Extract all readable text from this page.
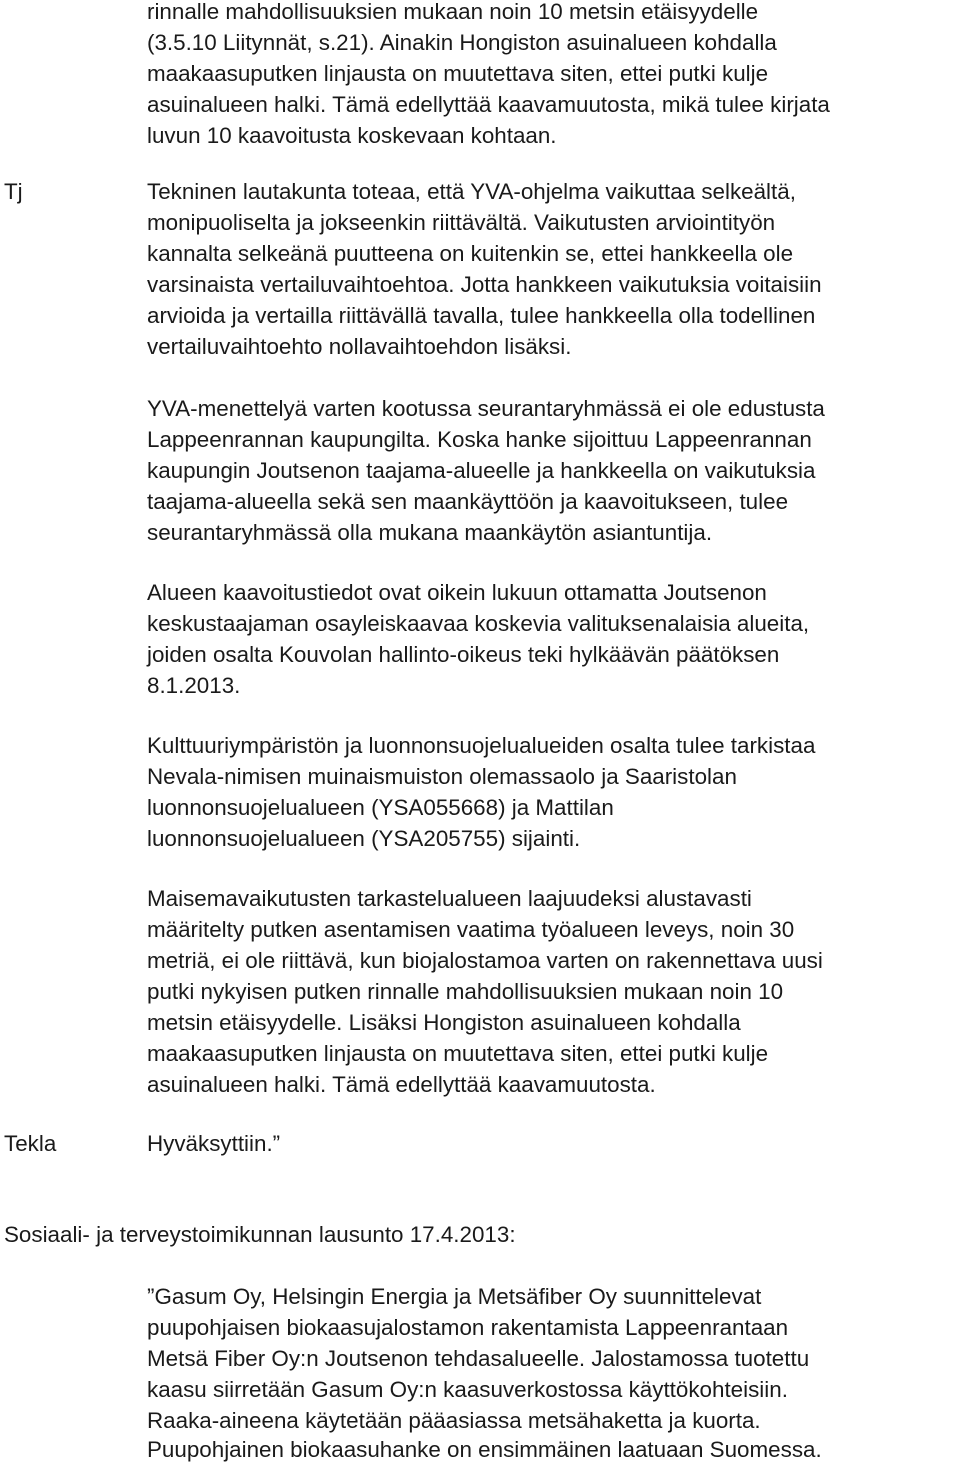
rinnalle mahdollisuuksien mukaan noin 10 metsin etäisyydelle
(3.5.10 Liitynnät, s.21). Ainakin Hongiston asuinalueen kohdalla
maakaasuputken linjausta on muutettava siten, ettei putki kulje
asuinalueen halki. Tämä edellyttää kaavamuutosta, mikä tulee kirjata
luvun 10 kaavoitusta koskevaan kohtaan.
Tj	Tekninen lautakunta toteaa, että YVA-ohjelma vaikuttaa selkeältä,
monipuoliselta ja jokseenkin riittävältä. Vaikutusten arviointityön
kannalta selkeänä puutteena on kuitenkin se, ettei hankkeella ole
varsinaista vertailuvaihtoehtoa. Jotta hankkeen vaikutuksia voitaisiin
arvioida ja vertailla riittävällä tavalla, tulee hankkeella olla todellinen
vertailuvaihtoehto nollavaihtoehdon lisäksi.
YVA-menettelyä varten kootussa seurantaryhmässä ei ole edustusta
Lappeenrannan kaupungilta. Koska hanke sijoittuu Lappeenrannan
kaupungin Joutsenon taajama-alueelle ja hankkeella on vaikutuksia
taajama-alueella sekä sen maankäyttöön ja kaavoitukseen, tulee
seurantaryhmässä olla mukana maankäytön asiantuntija.
Alueen kaavoitustiedot ovat oikein lukuun ottamatta Joutsenon
keskustaajaman osayleiskaavaa koskevia valituksenalaisia alueita,
joiden osalta Kouvolan hallinto-oikeus teki hylkäävän päätöksen
8.1.2013.
Kulttuuriympäristön ja luonnonsuojelualueiden osalta tulee tarkistaa
Nevala-nimisen muinaismuiston olemassaolo ja Saaristolan
luonnonsuojelualueen (YSA055668) ja Mattilan
luonnonsuojelualueen (YSA205755) sijainti.
Maisemavaikutusten tarkastelualueen laajuudeksi alustavasti
määritelty putken asentamisen vaatima työalueen leveys, noin 30
metriä, ei ole riittävä, kun biojalostamoa varten on rakennettava uusi
putki nykyisen putken rinnalle mahdollisuuksien mukaan noin 10
metsin etäisyydelle. Lisäksi Hongiston asuinalueen kohdalla
maakaasuputken linjausta on muutettava siten, ettei putki kulje
asuinalueen halki. Tämä edellyttää kaavamuutosta.
Tekla	Hyväksyttiin.”
Sosiaali- ja terveystoimikunnan lausunto 17.4.2013:
”Gasum Oy, Helsingin Energia ja Metsäfiber Oy suunnittelevat
puupohjaisen biokaasujalostamon rakentamista Lappeenrantaan
Metsä Fiber Oy:n Joutsenon tehdasalueelle. Jalostamossa tuotettu
kaasu siirretään Gasum Oy:n kaasuverkostossa käyttökohteisiin.
Raaka-aineena käytetään pääasiassa metsähaketta ja kuorta.
Puupohjainen biokaasuhanke on ensimmäinen laatuaan Suomessa.
